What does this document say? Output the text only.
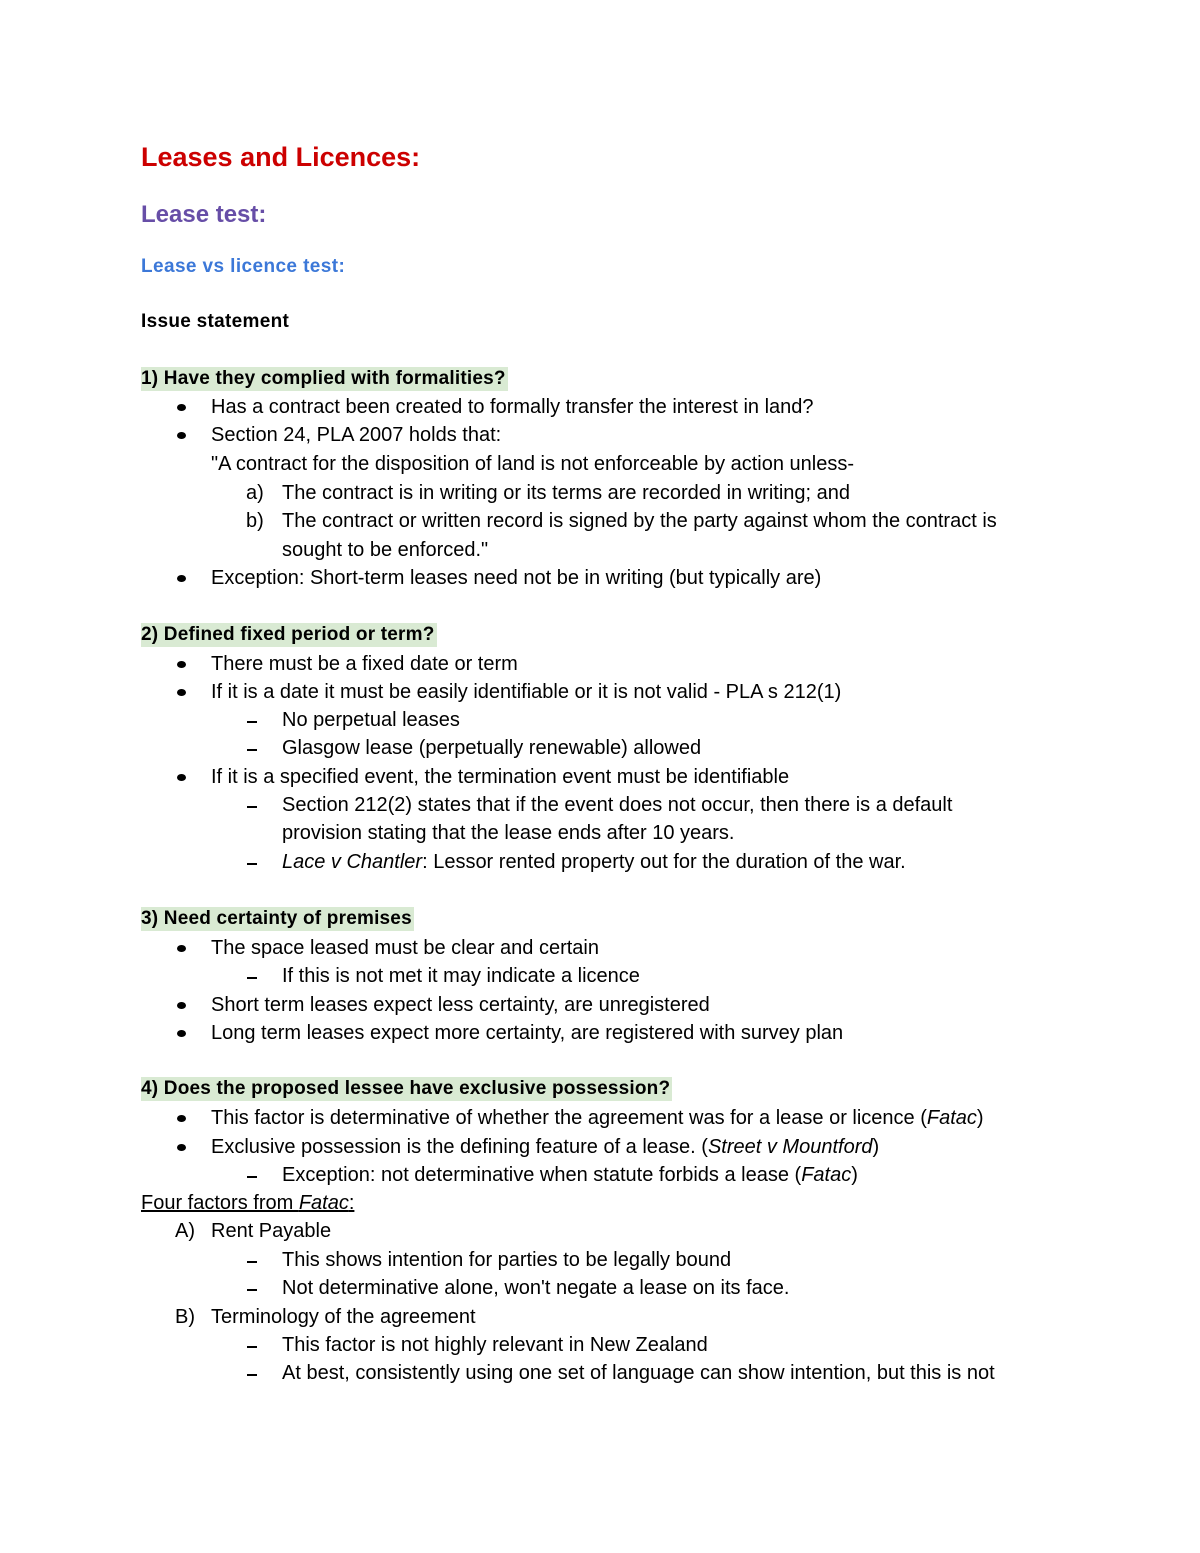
Leases and Licences:
Lease test:
Lease vs licence test:
Issue statement
1) Have they complied with formalities?
Has a contract been created to formally transfer the interest in land?
Section 24, PLA 2007 holds that:
"A contract for the disposition of land is not enforceable by action unless-
a) The contract is in writing or its terms are recorded in writing; and
b) The contract or written record is signed by the party against whom the contract is
sought to be enforced."
Exception: Short-term leases need not be in writing (but typically are)
2) Defined fixed period or term?
There must be a fixed date or term
If it is a date it must be easily identifiable or it is not valid - PLA s 212(1)
No perpetual leases
Glasgow lease (perpetually renewable) allowed
If it is a specified event, the termination event must be identifiable
Section 212(2) states that if the event does not occur, then there is a default
provision stating that the lease ends after 10 years.
Lace v Chantler: Lessor rented property out for the duration of the war.
3) Need certainty of premises
The space leased must be clear and certain
If this is not met it may indicate a licence
Short term leases expect less certainty, are unregistered
Long term leases expect more certainty, are registered with survey plan
4) Does the proposed lessee have exclusive possession?
This factor is determinative of whether the agreement was for a lease or licence (Fatac)
Exclusive possession is the defining feature of a lease. (Street v Mountford)
Exception: not determinative when statute forbids a lease (Fatac)
Four factors from Fatac:
A) Rent Payable
This shows intention for parties to be legally bound
Not determinative alone, won't negate a lease on its face.
B) Terminology of the agreement
This factor is not highly relevant in New Zealand
At best, consistently using one set of language can show intention, but this is not
